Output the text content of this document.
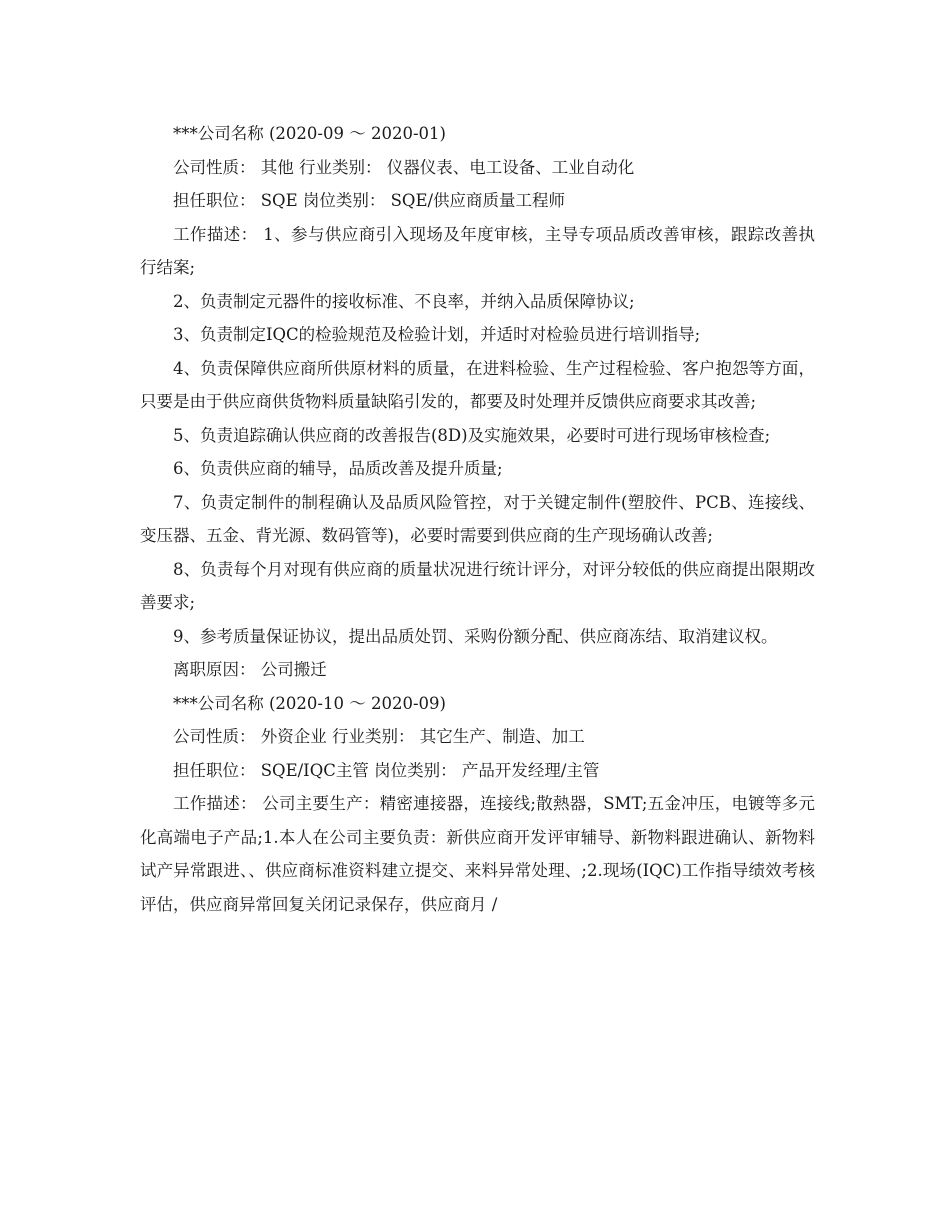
***公司名称 (2020-09 ～ 2020-01)

公司性质： 其他 行业类别： 仪器仪表、电工设备、工业自动化

担任职位： SQE 岗位类别： SQE/供应商质量工程师

工作描述： 1、参与供应商引入现场及年度审核，主导专项品质改善审核，跟踪改善执行结案;

2、负责制定元器件的接收标准、不良率，并纳入品质保障协议;

3、负责制定IQC的检验规范及检验计划，并适时对检验员进行培训指导;

4、负责保障供应商所供原材料的质量，在进料检验、生产过程检验、客户抱怨等方面，只要是由于供应商供货物料质量缺陷引发的，都要及时处理并反馈供应商要求其改善;

5、负责追踪确认供应商的改善报告(8D)及实施效果，必要时可进行现场审核检查;

6、负责供应商的辅导，品质改善及提升质量;

7、负责定制件的制程确认及品质风险管控，对于关键定制件(塑胶件、PCB、连接线、变压器、五金、背光源、数码管等)，必要时需要到供应商的生产现场确认改善;

8、负责每个月对现有供应商的质量状况进行统计评分，对评分较低的供应商提出限期改善要求;

9、参考质量保证协议，提出品质处罚、采购份额分配、供应商冻结、取消建议权。

离职原因： 公司搬迁

***公司名称 (2020-10 ～ 2020-09)

公司性质： 外资企业 行业类别： 其它生产、制造、加工

担任职位： SQE/IQC主管 岗位类别： 产品开发经理/主管

工作描述： 公司主要生产：精密連接器，连接线;散熱器，SMT;五金冲压，电镀等多元化高端电子产品;1.本人在公司主要负责：新供应商开发评审辅导、新物料跟进确认、新物料试产异常跟进、、供应商标准资料建立提交、来料异常处理、;2.现场(IQC)工作指导绩效考核评估，供应商异常回复关闭记录保存，供应商月 /
